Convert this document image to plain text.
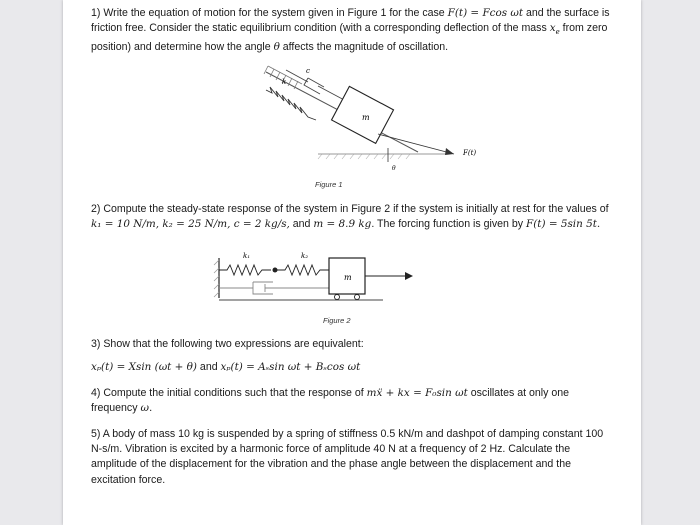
1) Write the equation of motion for the system given in Figure 1 for the case F(t) = Fcos ωt and the surface is friction free. Consider the static equilibrium condition (with a corresponding deflection of the mass $x_e$ from zero position) and determine how the angle θ affects the magnitude of oscillation.
k
c
m
F(t)
θ
Figure 1
2) Compute the steady-state response of the system in Figure 2 if the system is initially at rest for the values of k₁ = 10 N/m, k₂ = 25 N/m, c = 2 kg/s, and m = 8.9 kg. The forcing function is given by F(t) = 5sin 5t.
k₁	k₂
m
Figure 2
3) Show that the following two expressions are equivalent:
xₚ(t) = Xsin (ωt + θ) and xₚ(t) = Aₛsin ωt + Bₛcos ωt
4) Compute the initial conditions such that the response of mẍ + kx = F₀sin ωt oscillates at only one frequency ω.
5) A body of mass 10 kg is suspended by a spring of stiffness 0.5 kN/m and dashpot of damping constant 100 N-s/m. Vibration is excited by a harmonic force of amplitude 40 N at a frequency of 2 Hz. Calculate the amplitude of the displacement for the vibration and the phase angle between the displacement and the excitation force.
